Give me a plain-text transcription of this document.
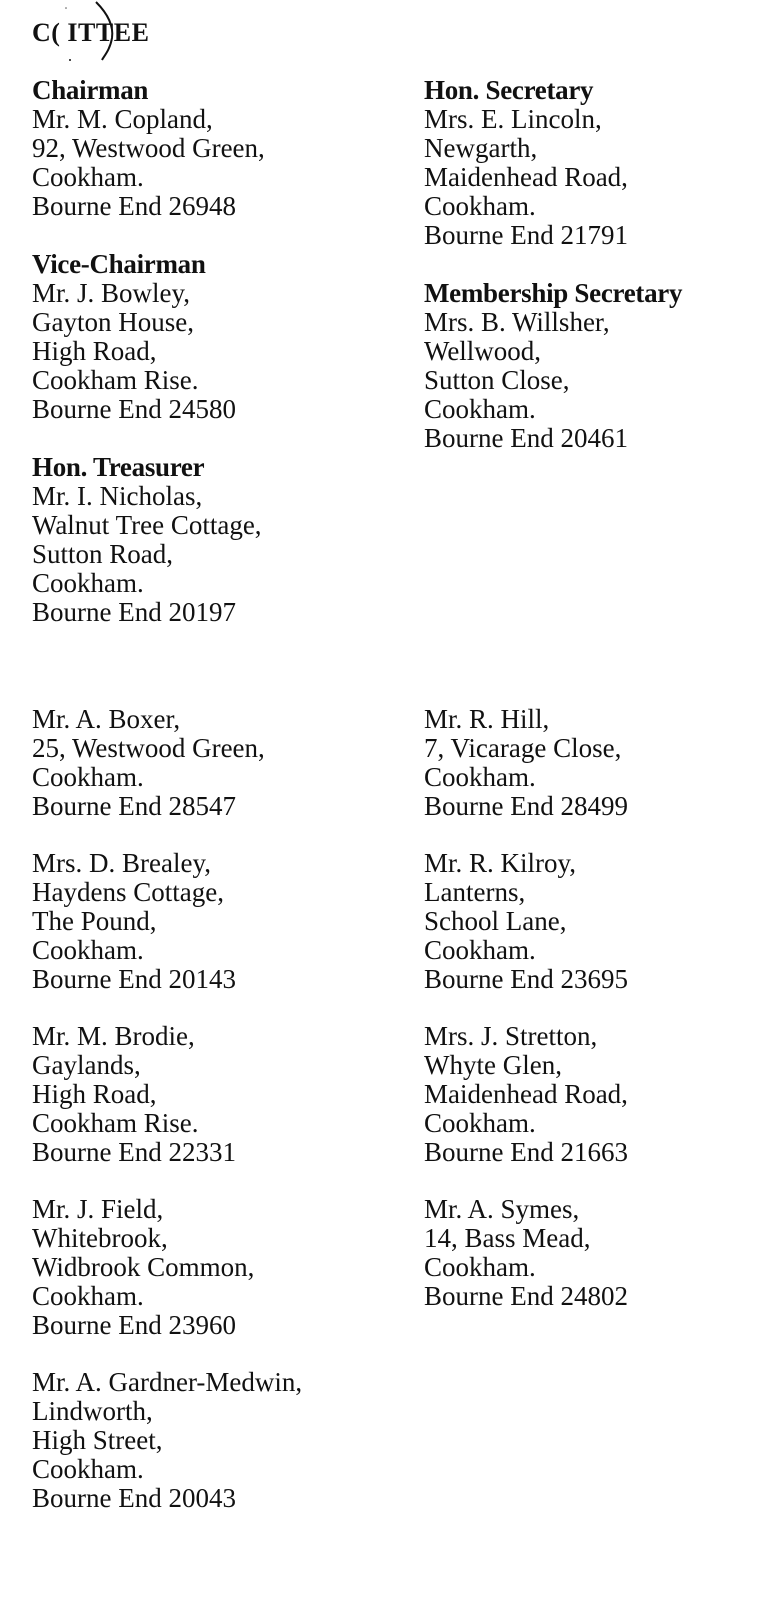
C( ITTEE
Chairman
Mr. M. Copland,
92, Westwood Green,
Cookham.
Bourne End 26948
Vice-Chairman
Mr. J. Bowley,
Gayton House,
High Road,
Cookham Rise.
Bourne End 24580
Hon. Treasurer
Mr. I. Nicholas,
Walnut Tree Cottage,
Sutton Road,
Cookham.
Bourne End 20197
Hon. Secretary
Mrs. E. Lincoln,
Newgarth,
Maidenhead Road,
Cookham.
Bourne End 21791
Membership Secretary
Mrs. B. Willsher,
Wellwood,
Sutton Close,
Cookham.
Bourne End 20461
Mr. A. Boxer,
25, Westwood Green,
Cookham.
Bourne End 28547
Mrs. D. Brealey,
Haydens Cottage,
The Pound,
Cookham.
Bourne End 20143
Mr. M. Brodie,
Gaylands,
High Road,
Cookham Rise.
Bourne End 22331
Mr. J. Field,
Whitebrook,
Widbrook Common,
Cookham.
Bourne End 23960
Mr. A. Gardner-Medwin,
Lindworth,
High Street,
Cookham.
Bourne End 20043
Mr. R. Hill,
7, Vicarage Close,
Cookham.
Bourne End 28499
Mr. R. Kilroy,
Lanterns,
School Lane,
Cookham.
Bourne End 23695
Mrs. J. Stretton,
Whyte Glen,
Maidenhead Road,
Cookham.
Bourne End 21663
Mr. A. Symes,
14, Bass Mead,
Cookham.
Bourne End 24802
